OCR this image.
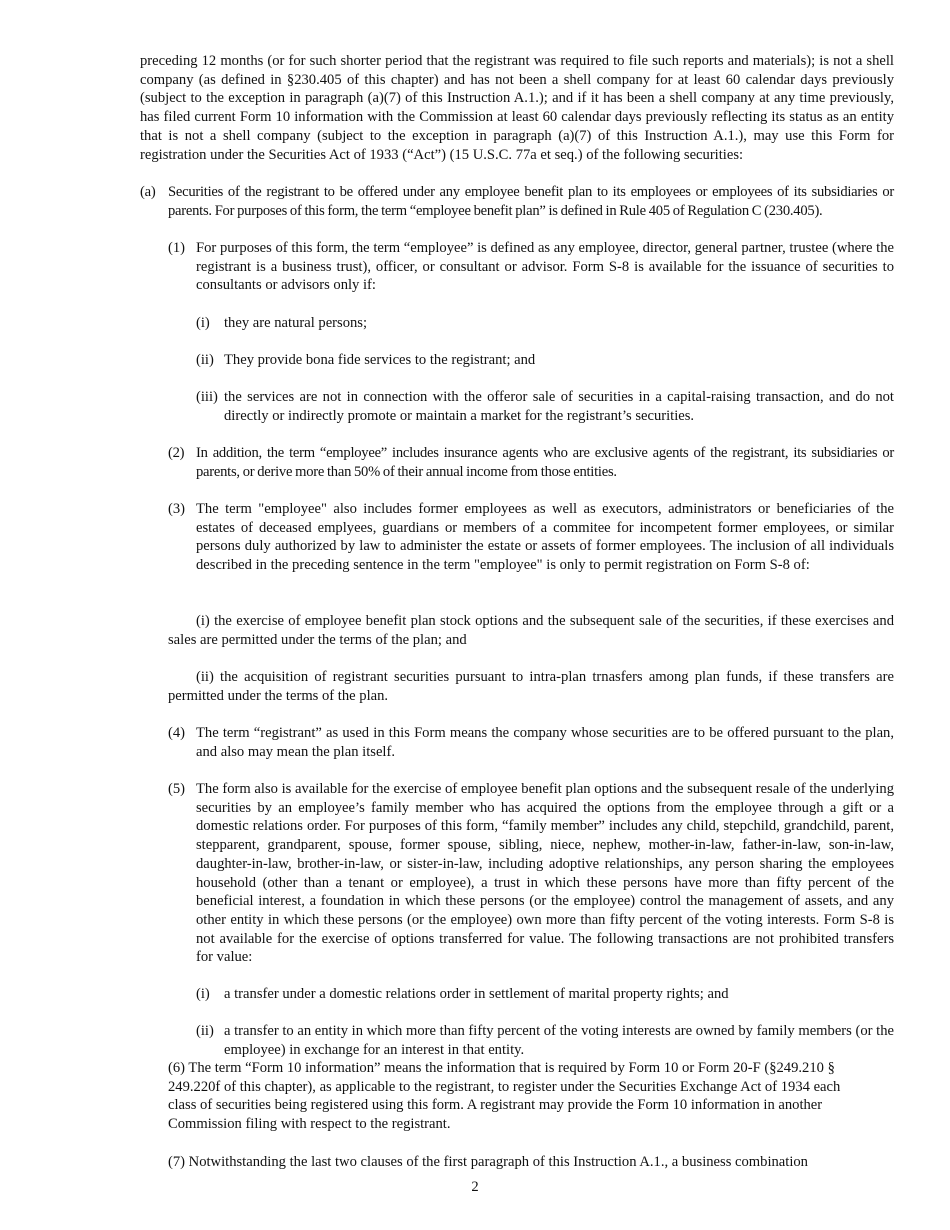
preceding 12 months (or for such shorter period that the registrant was required to file such reports and materials); is not a shell company (as defined in §230.405 of this chapter) and has not been a shell company for at least 60 calendar days previously (subject to the exception in paragraph (a)(7) of this Instruction A.1.); and if it has been a shell company at any time previously, has filed current Form 10 information with the Commission at least 60 calendar days previously reflecting its status as an entity that is not a shell company (subject to the exception in paragraph (a)(7) of this Instruction A.1.), may use this Form for registration under the Securities Act of 1933 (“Act”) (15 U.S.C. 77a et seq.) of the following securities:

(a) Securities of the registrant to be offered under any employee benefit plan to its employees or employees of its subsidiaries or parents. For purposes of this form, the term “employee benefit plan” is defined in Rule 405 of Regulation C (230.405).
(1) For purposes of this form, the term “employee” is defined as any employee, director, general partner, trustee (where the registrant is a business trust), officer, or consultant or advisor. Form S-8 is available for the issuance of securities to consultants or advisors only if:
(i) they are natural persons;
(ii) They provide bona fide services to the registrant; and
(iii) the services are not in connection with the offeror sale of securities in a capital-raising transaction, and do not directly or indirectly promote or maintain a market for the registrant’s securities.
(2) In addition, the term “employee” includes insurance agents who are exclusive agents of the registrant, its subsidiaries or parents, or derive more than 50% of their annual income from those entities.
(3) The term "employee" also includes former employees as well as executors, administrators or beneficiaries of the estates of deceased emplyees, guardians or members of a commitee for incompetent former employees, or similar persons duly authorized by law to administer the estate or assets of former employees. The inclusion of all individuals described in the preceding sentence in the term "employee" is only to permit registration on Form S-8 of:

(i) the exercise of employee benefit plan stock options and the subsequent sale of the securities, if these exercises and sales are permitted under the terms of the plan; and

(ii) the acquisition of registrant securities pursuant to intra-plan trnasfers among plan funds, if these transfers are permitted under the terms of the plan.

(4) The term “registrant” as used in this Form means the company whose securities are to be offered pursuant to the plan, and also may mean the plan itself.
(5) The form also is available for the exercise of employee benefit plan options and the subsequent resale of the underlying securities by an employee’s family member who has acquired the options from the employee through a gift or a domestic relations order. For purposes of this form, “family member” includes any child, stepchild, grandchild, parent, stepparent, grandparent, spouse, former spouse, sibling, niece, nephew, mother-in-law, father-in-law, son-in-law, daughter-in-law, brother-in-law, or sister-in-law, including adoptive relationships, any person sharing the employees household (other than a tenant or employee), a trust in which these persons have more than fifty percent of the beneficial interest, a foundation in which these persons (or the employee) control the management of assets, and any other entity in which these persons (or the employee) own more than fifty percent of the voting interests. Form S-8 is not available for the exercise of options transferred for value. The following transactions are not prohibited transfers for value:
(i) a transfer under a domestic relations order in settlement of marital property rights; and
(ii) a transfer to an entity in which more than fifty percent of the voting interests are owned by family members (or the employee) in exchange for an interest in that entity.

(6) The term “Form 10 information” means the information that is required by Form 10 or Form 20-F (§249.210 § 249.220f of this chapter), as applicable to the registrant, to register under the Securities Exchange Act of 1934 each class of securities being registered using this form. A registrant may provide the Form 10 information in another Commission filing with respect to the registrant.

(7) Notwithstanding the last two clauses of the first paragraph of this Instruction A.1., a business combination

2
